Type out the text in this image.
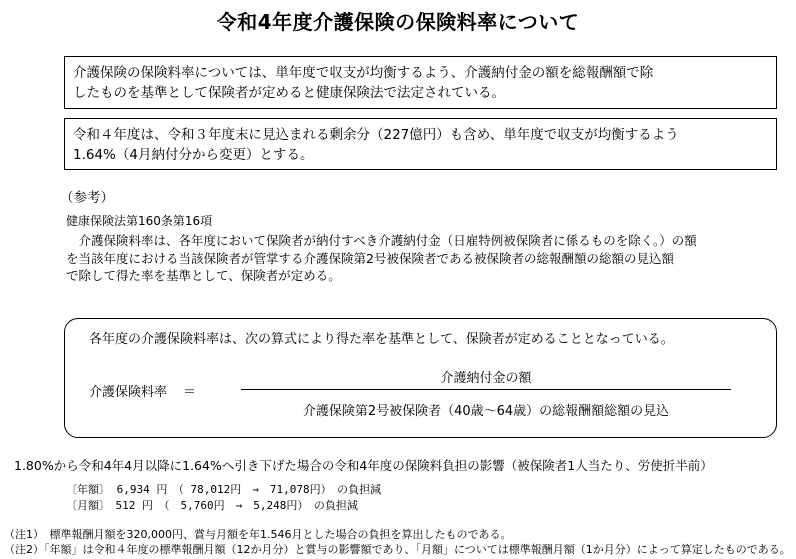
令和4年度介護保険の保険料率について
介護保険の保険料率については、単年度で収支が均衡するよう、介護納付金の額を総報酬額で除
したものを基準として保険者が定めると健康保険法で法定されている。
令和４年度は、令和３年度末に見込まれる剰余分（227億円）も含め、単年度で収支が均衡するよう
1.64%（4月納付分から変更）とする。
（参考）
健康保険法第160条第16項
　介護保険料率は、各年度において保険者が納付すべき介護納付金（日雇特例被保険者に係るものを除く。）の額
を当該年度における当該保険者が管掌する介護保険第2号被保険者である被保険者の総報酬額の総額の見込額
で除して得た率を基準として、保険者が定める。
各年度の介護保険料率は、次の算式により得た率を基準として、保険者が定めることとなっている。
介護保険料率 ＝
介護納付金の額
介護保険第2号被保険者（40歳～64歳）の総報酬額総額の見込
1.80%から令和4年4月以降に1.64%へ引き下げた場合の令和4年度の保険料負担の影響（被保険者1人当たり、労使折半前）
〔年額〕 6,934 円　（ 78,012円　→　71,078円）　の負担減
〔月額〕　512 円　（　5,760円　→　5,248円）　の負担減
（注1）　標準報酬月額を320,000円、賞与月額を年1.546月とした場合の負担を算出したものである。
（注2）「年額」は令和４年度の標準報酬月額（12か月分）と賞与の影響額であり、「月額」については標準報酬月額（1か月分）によって算定したものである。
